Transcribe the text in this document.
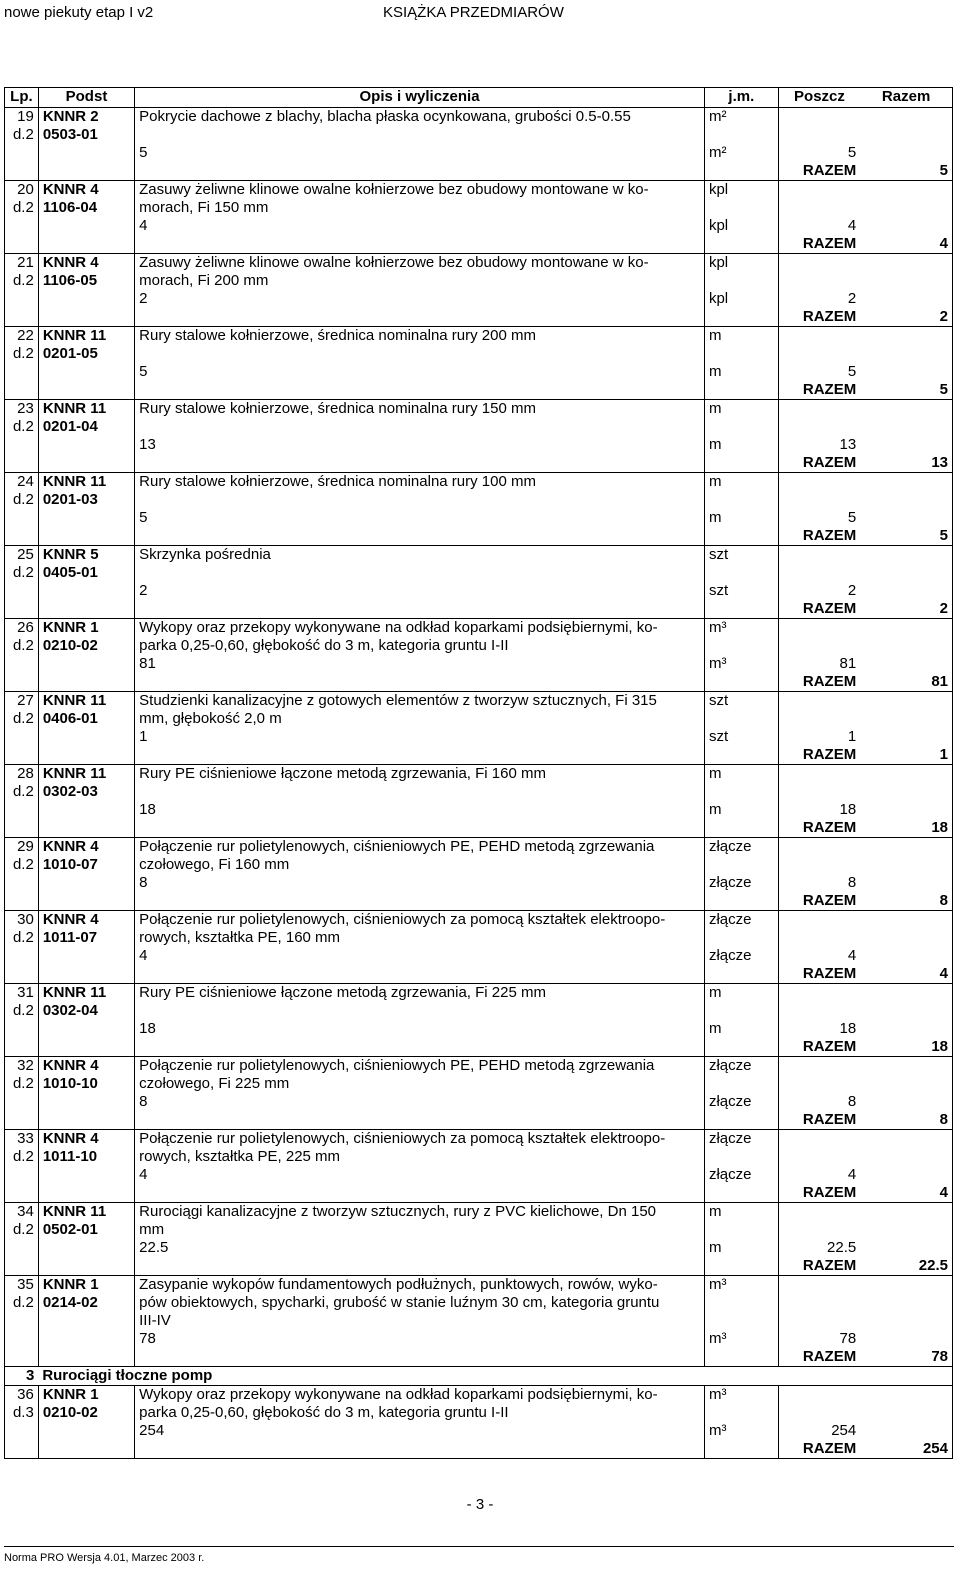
nowe piekuty etap I v2	KSIĄŻKA PRZEDMIARÓW
Lp.	Podst	Opis i wyliczenia	j.m.	Poszcz	Razem
19	KNNR 2	Pokrycie dachowe z blachy, blacha płaska ocynkowana, grubości 0.5-0.55	m²		
d.2	0503-01				
		5	m²	5	
				RAZEM	5
20	KNNR 4	Zasuwy żeliwne klinowe owalne kołnierzowe bez obudowy montowane w ko-	kpl		
d.2	1106-04	morach, Fi 150 mm			
		4	kpl	4	
				RAZEM	4
21	KNNR 4	Zasuwy żeliwne klinowe owalne kołnierzowe bez obudowy montowane w ko-	kpl		
d.2	1106-05	morach, Fi 200 mm			
		2	kpl	2	
				RAZEM	2
22	KNNR 11	Rury stalowe kołnierzowe, średnica nominalna rury 200 mm	m		
d.2	0201-05				
		5	m	5	
				RAZEM	5
23	KNNR 11	Rury stalowe kołnierzowe, średnica nominalna rury 150 mm	m		
d.2	0201-04				
		13	m	13	
				RAZEM	13
24	KNNR 11	Rury stalowe kołnierzowe, średnica nominalna rury 100 mm	m		
d.2	0201-03				
		5	m	5	
				RAZEM	5
25	KNNR 5	Skrzynka pośrednia	szt		
d.2	0405-01				
		2	szt	2	
				RAZEM	2
26	KNNR 1	Wykopy oraz przekopy wykonywane na odkład koparkami podsiębiernymi, ko-	m³		
d.2	0210-02	parka 0,25-0,60, głębokość do 3 m, kategoria gruntu I-II			
		81	m³	81	
				RAZEM	81
27	KNNR 11	Studzienki kanalizacyjne z gotowych elementów z tworzyw sztucznych, Fi 315	szt		
d.2	0406-01	mm, głębokość 2,0 m			
		1	szt	1	
				RAZEM	1
28	KNNR 11	Rury PE ciśnieniowe łączone metodą zgrzewania, Fi 160 mm	m		
d.2	0302-03				
		18	m	18	
				RAZEM	18
29	KNNR 4	Połączenie rur polietylenowych, ciśnieniowych PE, PEHD metodą zgrzewania	złącze		
d.2	1010-07	czołowego, Fi 160 mm			
		8	złącze	8	
				RAZEM	8
30	KNNR 4	Połączenie rur polietylenowych, ciśnieniowych za pomocą kształtek elektroopo-	złącze		
d.2	1011-07	rowych, kształtka PE, 160 mm			
		4	złącze	4	
				RAZEM	4
31	KNNR 11	Rury PE ciśnieniowe łączone metodą zgrzewania, Fi 225 mm	m		
d.2	0302-04				
		18	m	18	
				RAZEM	18
32	KNNR 4	Połączenie rur polietylenowych, ciśnieniowych PE, PEHD metodą zgrzewania	złącze		
d.2	1010-10	czołowego, Fi 225 mm			
		8	złącze	8	
				RAZEM	8
33	KNNR 4	Połączenie rur polietylenowych, ciśnieniowych za pomocą kształtek elektroopo-	złącze		
d.2	1011-10	rowych, kształtka PE, 225 mm			
		4	złącze	4	
				RAZEM	4
34	KNNR 11	Rurociągi kanalizacyjne z tworzyw sztucznych, rury z PVC kielichowe, Dn 150	m		
d.2	0502-01	mm			
		22.5	m	22.5	
				RAZEM	22.5
35	KNNR 1	Zasypanie wykopów fundamentowych podłużnych, punktowych, rowów, wyko-	m³		
d.2	0214-02	pów obiektowych, spycharki, grubość w stanie luźnym 30 cm, kategoria gruntu			
		III-IV			
		78	m³	78	
				RAZEM	78
3	Rurociągi tłoczne pomp				
36	KNNR 1	Wykopy oraz przekopy wykonywane na odkład koparkami podsiębiernymi, ko-	m³		
d.3	0210-02	parka 0,25-0,60, głębokość do 3 m, kategoria gruntu I-II			
		254	m³	254	
				RAZEM	254
- 3 -
Norma PRO Wersja 4.01, Marzec 2003 r.
